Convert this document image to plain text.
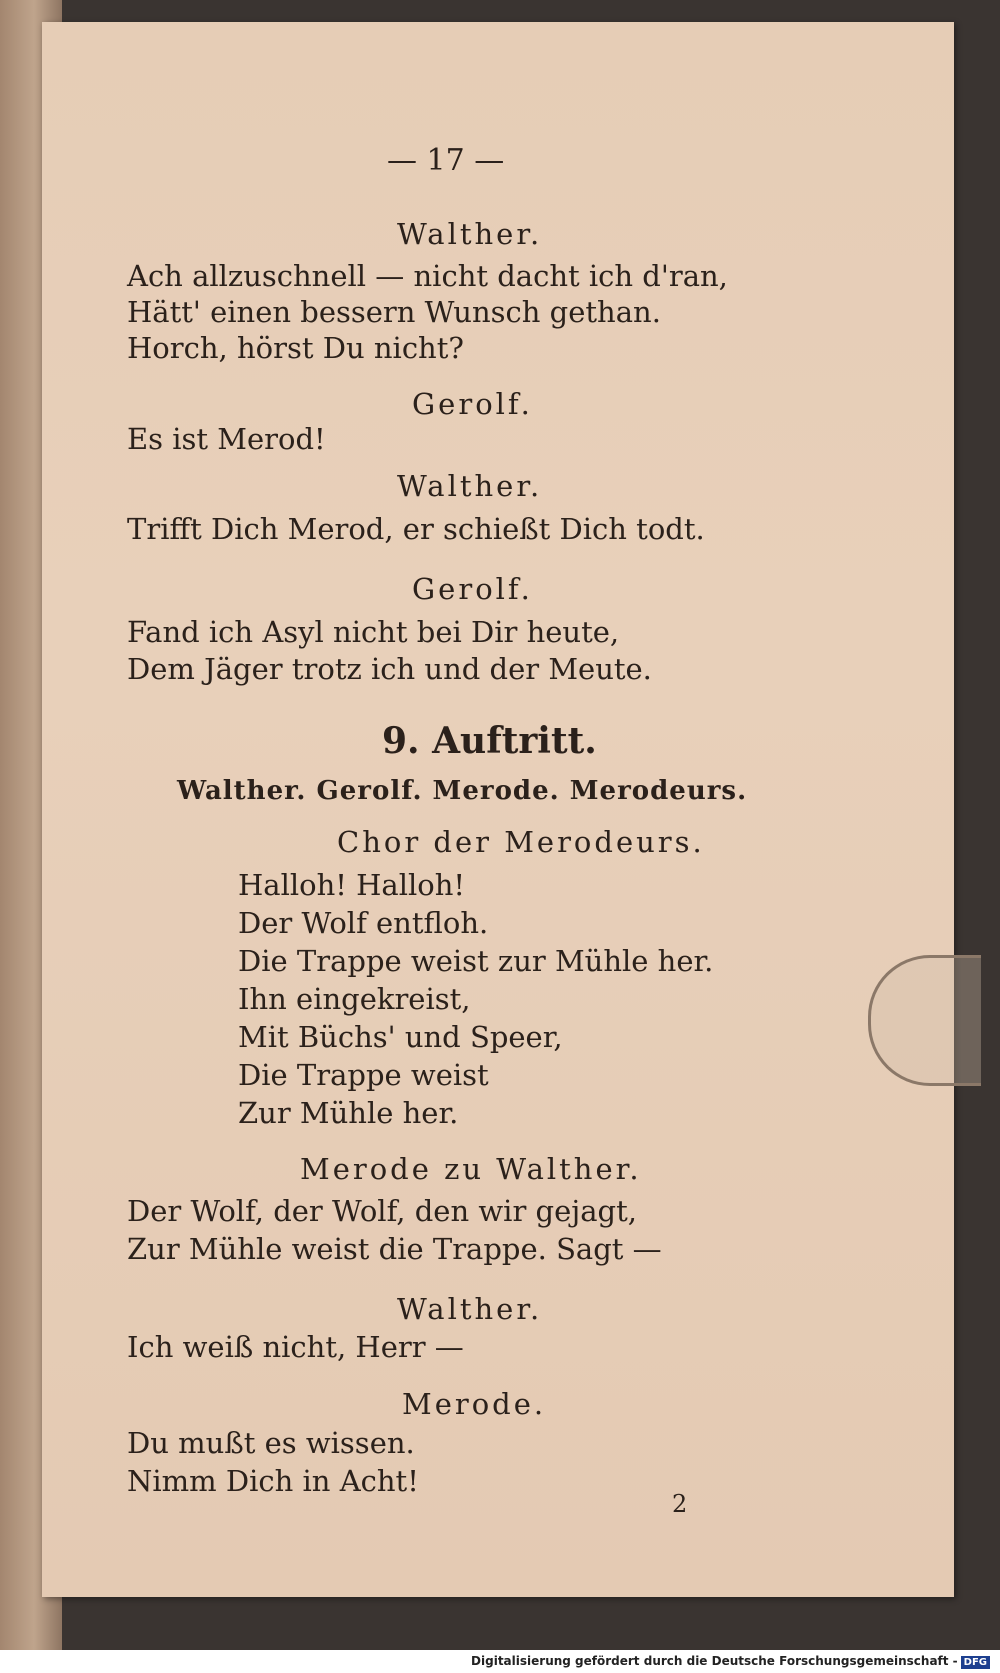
— 17 —
Walther.
Ach allzuschnell — nicht dacht ich d'ran,
Hätt' einen bessern Wunsch gethan.
Horch, hörst Du nicht?
Gerolf.
Es ist Merod!
Walther.
Trifft Dich Merod, er schießt Dich todt.
Gerolf.
Fand ich Asyl nicht bei Dir heute,
Dem Jäger trotz ich und der Meute.
9. Auftritt.
Walther. Gerolf. Merode. Merodeurs.
Chor der Merodeurs.
Halloh! Halloh!
Der Wolf entfloh.
Die Trappe weist zur Mühle her.
Ihn eingekreist,
Mit Büchs' und Speer,
Die Trappe weist
Zur Mühle her.
Merode zu Walther.
Der Wolf, der Wolf, den wir gejagt,
Zur Mühle weist die Trappe. Sagt —
Walther.
Ich weiß nicht, Herr —
Merode.
Du mußt es wissen.
Nimm Dich in Acht!
2
Digitalisierung gefördert durch die Deutsche Forschungsgemeinschaft - DFG
